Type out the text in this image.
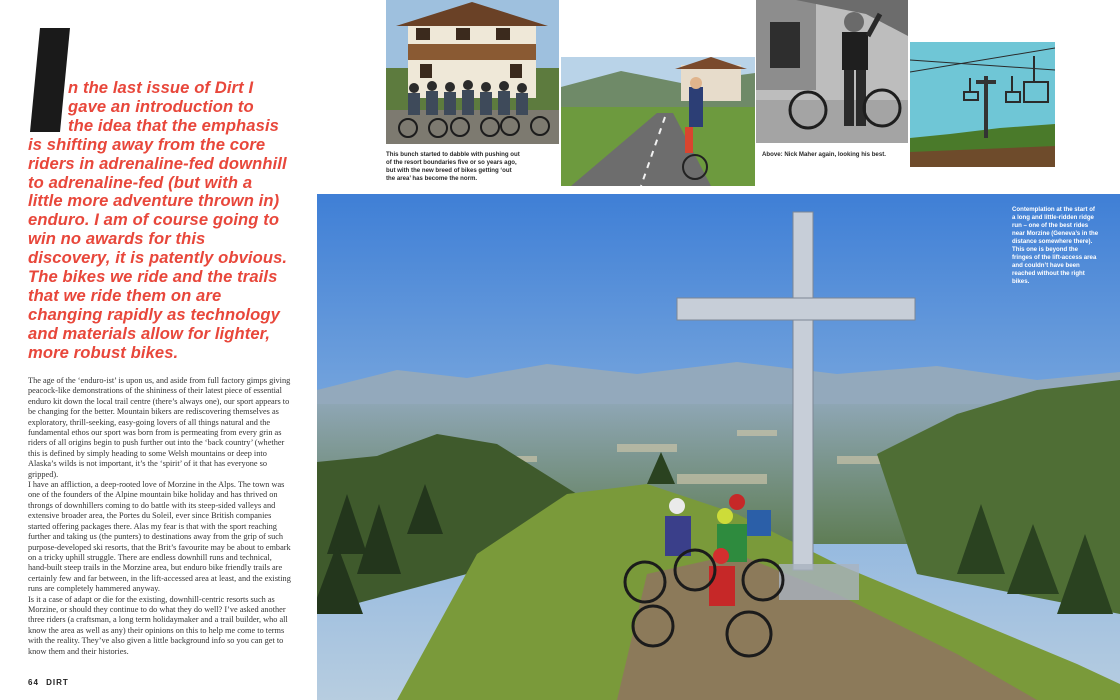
n the last issue of Dirt I
gave an introduction to
the idea that the emphasis
is shifting away from the core riders in adrenaline-fed downhill to adrenaline-fed (but with a little more adventure thrown in) enduro. I am of course going to win no awards for this discovery, it is patently obvious. The bikes we ride and the trails that we ride them on are changing rapidly as technology and materials allow for lighter, more robust bikes.

The age of the ‘enduro-ist’ is upon us, and aside from full factory gimps giving peacock-like demonstrations of the shininess of their latest piece of essential enduro kit down the local trail centre (there’s always one), our sport appears to be changing for the better. Mountain bikers are rediscovering themselves as exploratory, thrill-seeking, easy-going lovers of all things natural and the fundamental ethos our sport was born from is permeating from every grin as riders of all origins begin to push further out into the ‘back country’ (whether this is defined by simply heading to some Welsh mountains or deep into Alaska’s wilds is not important, it’s the ‘spirit’ of it that has everyone so gripped).

I have an affliction, a deep-rooted love of Morzine in the Alps. The town was one of the founders of the Alpine mountain bike holiday and has thrived on throngs of downhillers coming to do battle with its steep-sided valleys and extensive broader area, the Portes du Soleil, ever since British companies started offering packages there. Alas my fear is that with the sport reaching further and taking us (the punters) to destinations away from the grip of such purpose-developed ski resorts, that the Brit’s favourite may be about to embark on a tricky uphill struggle. There are endless downhill runs and technical, hand-built steep trails in the Morzine area, but enduro bike friendly trails are certainly few and far between, in the lift-accessed area at least, and the existing runs are completely hammered anyway.

Is it a case of adapt or die for the existing, downhill-centric resorts such as Morzine, or should they continue to do what they do well? I’ve asked another three riders (a craftsman, a long term holidaymaker and a trail builder, who all know the area as well as any) their opinions on this to help me come to terms with the reality. They’ve also given a little background info so you can get to know them and their histories.

64 DIRT
This bunch started to dabble with pushing out of the resort boundaries five or so years ago, but with the new breed of bikes getting ‘out the area’ has become the norm.
Above: Nick Maher again, looking his best.
Contemplation at the start of a long and little-ridden ridge run – one of the best rides near Morzine (Geneva’s in the distance somewhere there). This one is beyond the fringes of the lift-access area and couldn’t have been reached without the right bikes.
